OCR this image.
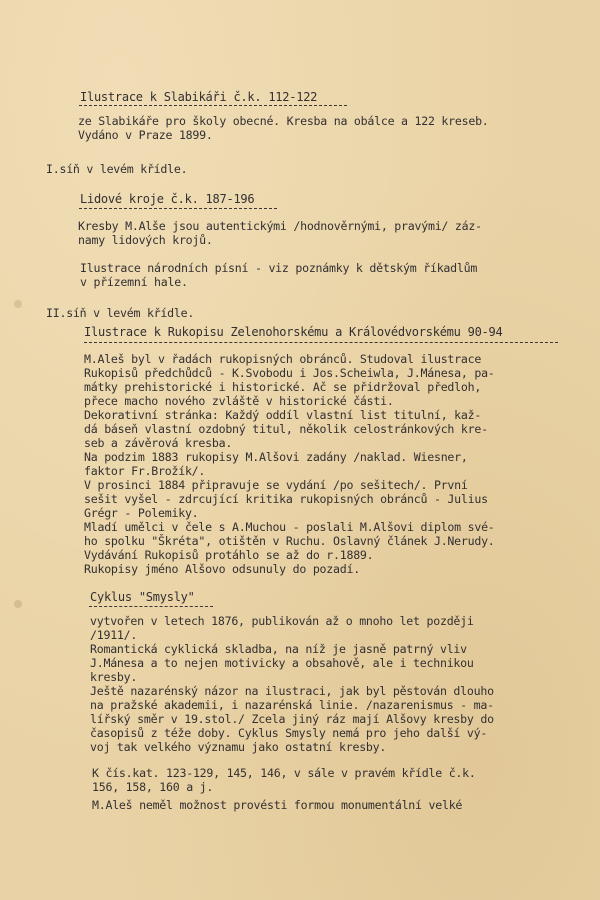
Ilustrace k Slabikáři č.k. 112-122
ze Slabikáře pro školy obecné. Kresba na obálce a 122 kreseb.
Vydáno v Praze 1899.
I.síň v levém křídle.
Lidové kroje č.k. 187-196
Kresby M.Alše jsou autentickými /hodnověrnými, pravými/ záz-
namy lidových krojů.
Ilustrace národních písní - viz poznámky k dětským říkadlům
v přízemní hale.
II.síň v levém křídle.
Ilustrace k Rukopisu Zelenohorskému a Královédvorskému 90-94
M.Aleš byl v řadách rukopisných obránců. Studoval ilustrace
Rukopisů předchůdců - K.Svobodu i Jos.Scheiwla, J.Mánesa, pa-
mátky prehistorické i historické. Ač se přidržoval předloh,
přece macho nového zvláště v historické části.
Dekorativní stránka: Každý oddíl vlastní list titulní, kaž-
dá báseň vlastní ozdobný titul, několik celostránkových kre-
seb a závěrová kresba.
Na podzim 1883 rukopisy M.Alšovi zadány /naklad. Wiesner,
faktor Fr.Brožík/.
V prosinci 1884 připravuje se vydání /po sešitech/. První
sešit vyšel - zdrcující kritika rukopisných obránců - Julius
Grégr - Polemiky.
Mladí umělci v čele s A.Muchou - poslali M.Alšovi diplom své-
ho spolku "Škréta", otištěn v Ruchu. Oslavný článek J.Nerudy.
Vydávání Rukopisů protáhlo se až do r.1889.
Rukopisy jméno Alšovo odsunuly do pozadí.
Cyklus "Smysly"
vytvořen v letech 1876, publikován až o mnoho let později
/1911/.
Romantická cyklická skladba, na níž je jasně patrný vliv
J.Mánesa a to nejen motivicky a obsahově, ale i technikou
kresby.
Ještě nazarénský názor na ilustraci, jak byl pěstován dlouho
na pražské akademii, i nazarénská linie. /nazarenismus - ma-
lířský směr v 19.stol./ Zcela jiný ráz mají Alšovy kresby do
časopisů z téže doby. Cyklus Smysly nemá pro jeho další vý-
voj tak velkého významu jako ostatní kresby.
K čís.kat. 123-129, 145, 146, v sále v pravém křídle č.k.
156, 158, 160 a j.
M.Aleš neměl možnost provésti formou monumentální velké
